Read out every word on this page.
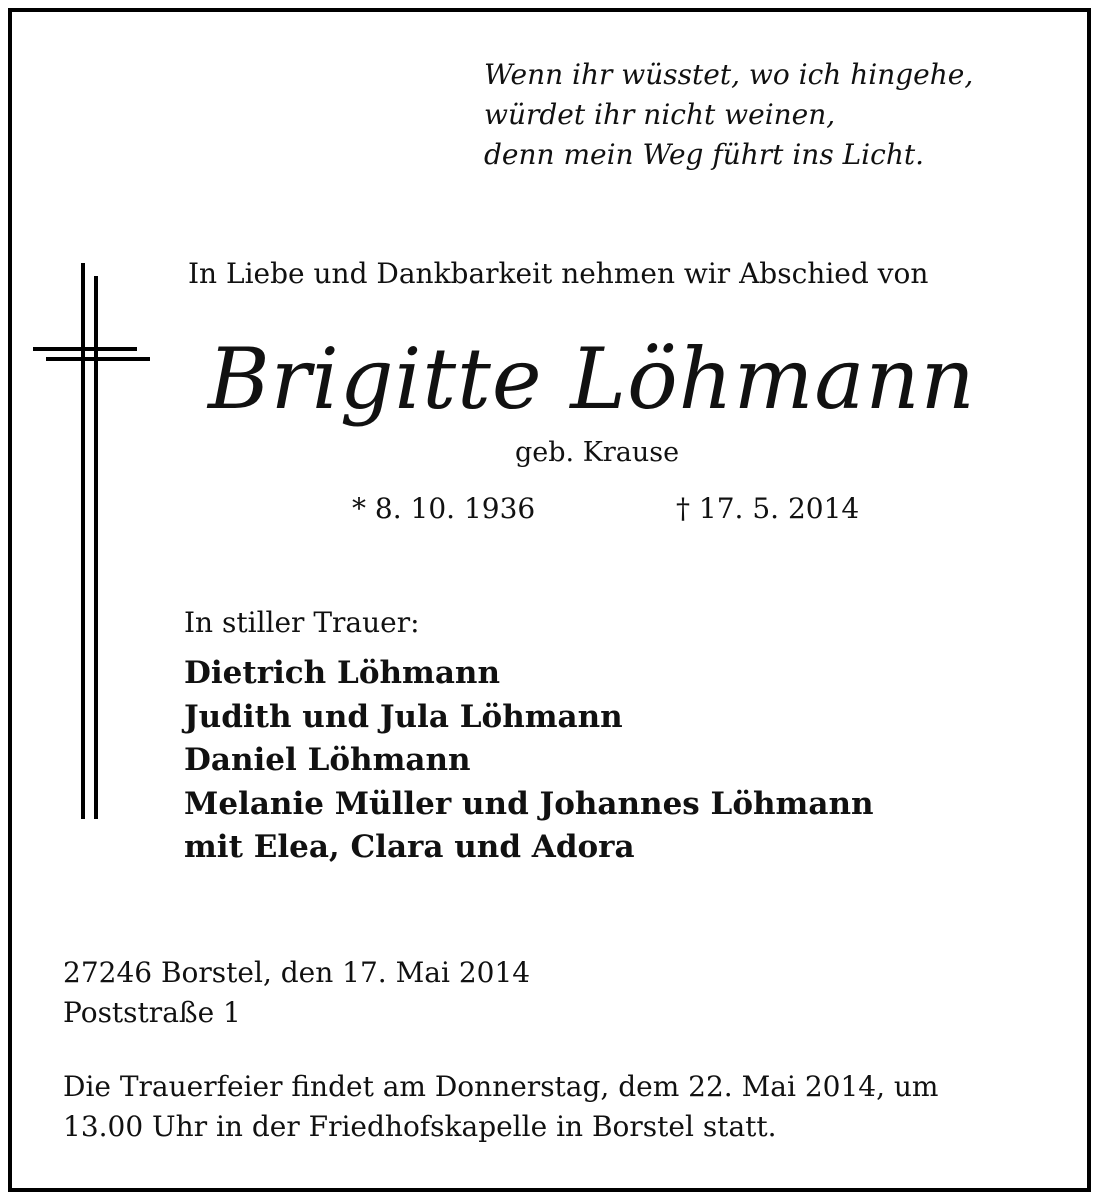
Wenn ihr wüsstet, wo ich hingehe,
würdet ihr nicht weinen,
denn mein Weg führt ins Licht.
In Liebe und Dankbarkeit nehmen wir Abschied von
Brigitte Löhmann
geb. Krause
* 8. 10. 1936	† 17. 5. 2014
In stiller Trauer:
Dietrich Löhmann
Judith und Jula Löhmann
Daniel Löhmann
Melanie Müller und Johannes Löhmann
mit Elea, Clara und Adora
27246 Borstel, den 17. Mai 2014
Poststraße 1
Die Trauerfeier findet am Donnerstag, dem 22. Mai 2014, um
13.00 Uhr in der Friedhofskapelle in Borstel statt.
